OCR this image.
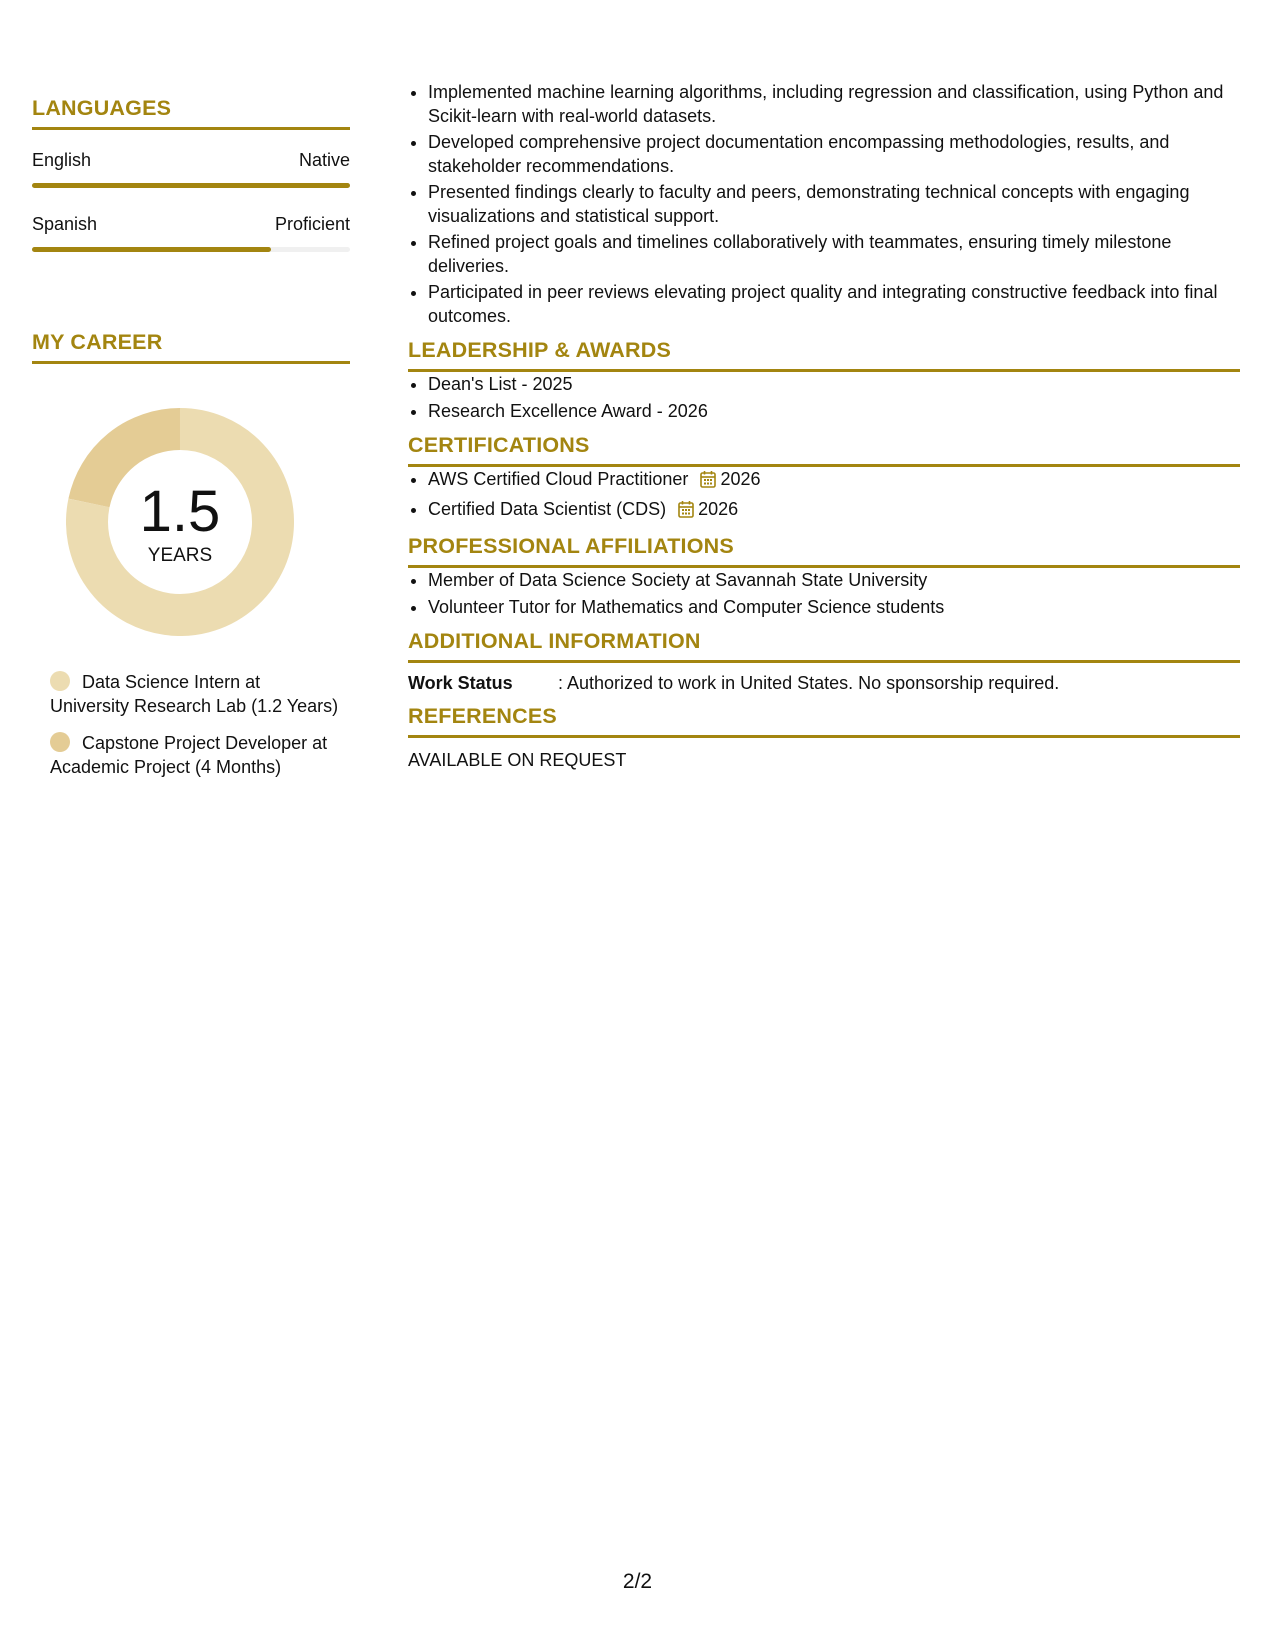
LANGUAGES
English	Native
Spanish	Proficient
MY CAREER
1.5
YEARS
Data Science Intern at University Research Lab (1.2 Years)
Capstone Project Developer at Academic Project (4 Months)
• Implemented machine learning algorithms, including regression and classification, using Python and Scikit-learn with real-world datasets.
• Developed comprehensive project documentation encompassing methodologies, results, and stakeholder recommendations.
• Presented findings clearly to faculty and peers, demonstrating technical concepts with engaging visualizations and statistical support.
• Refined project goals and timelines collaboratively with teammates, ensuring timely milestone deliveries.
• Participated in peer reviews elevating project quality and integrating constructive feedback into final outcomes.
LEADERSHIP & AWARDS
• Dean's List - 2025
• Research Excellence Award - 2026
CERTIFICATIONS
• AWS Certified Cloud Practitioner 2026
• Certified Data Scientist (CDS) 2026
PROFESSIONAL AFFILIATIONS
• Member of Data Science Society at Savannah State University
• Volunteer Tutor for Mathematics and Computer Science students
ADDITIONAL INFORMATION
Work Status	: Authorized to work in United States. No sponsorship required.
REFERENCES
AVAILABLE ON REQUEST
2/2
